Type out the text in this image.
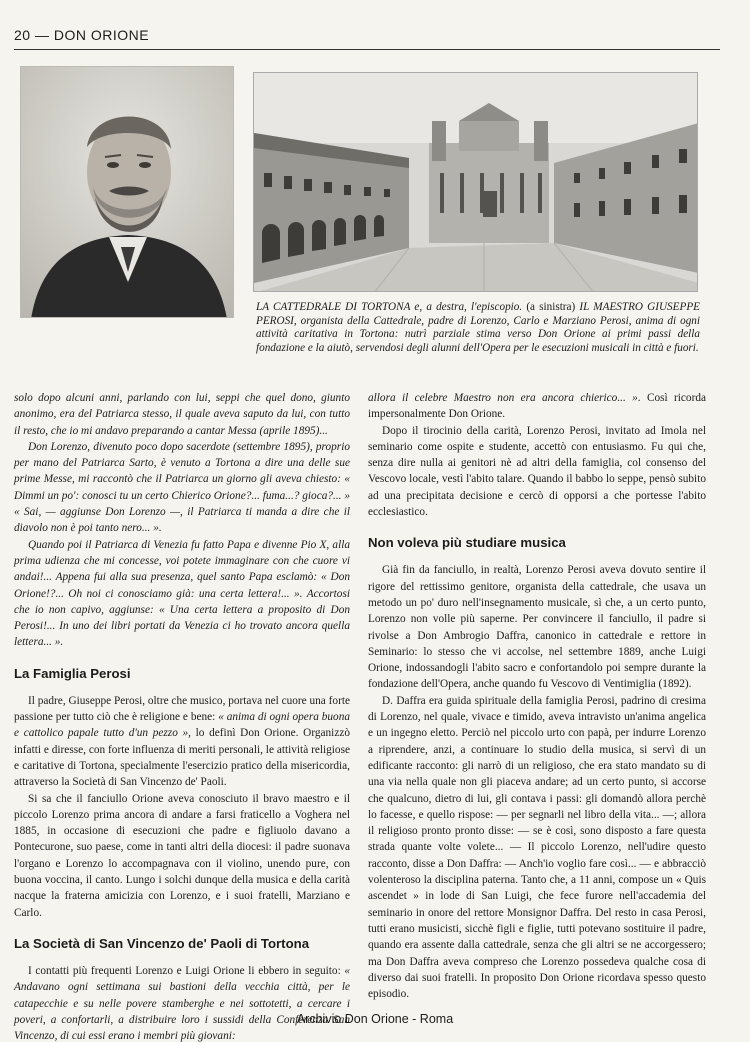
20 — DON ORIONE
LA CATTEDRALE DI TORTONA e, a destra, l'episcopio. (a sinistra) IL MAESTRO GIUSEPPE PEROSI, organista della Cattedrale, padre di Lorenzo, Carlo e Marziano Perosi, anima di ogni attività caritativa in Tortona: nutrì parziale stima verso Don Orione ai primi passi della fondazione e la aiutò, servendosi degli alunni dell'Opera per le esecuzioni musicali in città e fuori.

solo dopo alcuni anni, parlando con lui, seppi che quel dono, giunto anonimo, era del Patriarca stesso, il quale aveva saputo da lui, con tutto il resto, che io mi andavo preparando a cantar Messa (aprile 1895)...

Don Lorenzo, divenuto poco dopo sacerdote (settembre 1895), proprio per mano del Patriarca Sarto, è venuto a Tortona a dire una delle sue prime Messe, mi raccontò che il Patriarca un giorno gli aveva chiesto: « Dimmi un po': conosci tu un certo Chierico Orione?... fuma...? gioca?... » « Sai, — aggiunse Don Lorenzo —, il Patriarca ti manda a dire che il diavolo non è poi tanto nero... ».

Quando poi il Patriarca di Venezia fu fatto Papa e divenne Pio X, alla prima udienza che mi concesse, voi potete immaginare con che cuore vi andai!... Appena fui alla sua presenza, quel santo Papa esclamò: « Don Orione!?... Oh noi ci conosciamo già: una certa lettera!... ». Accortosi che io non capivo, aggiunse: « Una certa lettera a proposito di Don Perosi!... In uno dei libri portati da Venezia ci ho trovato ancora quella lettera... ».

La Famiglia Perosi

Il padre, Giuseppe Perosi, oltre che musico, portava nel cuore una forte passione per tutto ciò che è religione e bene: « anima di ogni opera buona e cattolico papale tutto d'un pezzo », lo definì Don Orione. Organizzò infatti e diresse, con forte influenza di meriti personali, le attività religiose e caritative di Tortona, specialmente l'esercizio pratico della misericordia, attraverso la Società di San Vincenzo de' Paoli.

Si sa che il fanciullo Orione aveva conosciuto il bravo maestro e il piccolo Lorenzo prima ancora di andare a farsi fraticello a Voghera nel 1885, in occasione di esecuzioni che padre e figliuolo davano a Pontecurone, suo paese, come in tanti altri della diocesi: il padre suonava l'organo e Lorenzo lo accompagnava con il violino, unendo pure, con buona voccina, il canto. Lungo i solchi dunque della musica e della carità nacque la fraterna amicizia con Lorenzo, e i suoi fratelli, Marziano e Carlo.

La Società di San Vincenzo de' Paoli di Tortona

I contatti più frequenti Lorenzo e Luigi Orione li ebbero in seguito: « Andavano ogni settimana sui bastioni della vecchia città, per le catapecchie e su nelle povere stamberghe e nei sottotetti, a cercare i poveri, a confortarli, a distribuire loro i sussidi della Conferenza San Vincenzo, di cui essi erano i membri più giovani:

allora il celebre Maestro non era ancora chierico... ». Così ricorda impersonalmente Don Orione.

Dopo il tirocinio della carità, Lorenzo Perosi, invitato ad Imola nel seminario come ospite e studente, accettò con entusiasmo. Fu qui che, senza dire nulla ai genitori nè ad altri della famiglia, col consenso del Vescovo locale, vestì l'abito talare. Quando il babbo lo seppe, pensò subito ad una precipitata decisione e cercò di opporsi a che portesse l'abito ecclesiastico.

Non voleva più studiare musica

Già fin da fanciullo, in realtà, Lorenzo Perosi aveva dovuto sentire il rigore del rettissimo genitore, organista della cattedrale, che usava un metodo un po' duro nell'insegnamento musicale, sì che, a un certo punto, Lorenzo non volle più saperne. Per convincere il fanciullo, il padre si rivolse a Don Ambrogio Daffra, canonico in cattedrale e rettore in Seminario: lo stesso che vi accolse, nel settembre 1889, anche Luigi Orione, indossandogli l'abito sacro e confortandolo poi sempre durante la fondazione dell'Opera, anche quando fu Vescovo di Ventimiglia (1892).

D. Daffra era guida spirituale della famiglia Perosi, padrino di cresima di Lorenzo, nel quale, vivace e timido, aveva intravisto un'anima angelica e un ingegno eletto. Perciò nel piccolo urto con papà, per indurre Lorenzo a riprendere, anzi, a continuare lo studio della musica, si servì di un edificante racconto: gli narrò di un religioso, che era stato mandato su di una via nella quale non gli piaceva andare; ad un certo punto, si accorse che qualcuno, dietro di lui, gli contava i passi: gli domandò allora perchè lo facesse, e quello rispose: — per segnarli nel libro della vita... —; allora il religioso pronto pronto disse: — se è così, sono disposto a fare questa strada quante volte volete... — Il piccolo Lorenzo, nell'udire questo racconto, disse a Don Daffra: — Anch'io voglio fare così... — e abbracciò volenteroso la disciplina paterna. Tanto che, a 11 anni, compose un « Quis ascendet » in lode di San Luigi, che fece furore nell'accademia del seminario in onore del rettore Monsignor Daffra. Del resto in casa Perosi, tutti erano musicisti, sicchè figli e figlie, tutti potevano sostituire il padre, quando era assente dalla cattedrale, senza che gli altri se ne accorgessero; ma Don Daffra aveva compreso che Lorenzo possedeva qualche cosa di diverso dai suoi fratelli. In proposito Don Orione ricordava spesso questo episodio.

Archivio Don Orione - Roma
